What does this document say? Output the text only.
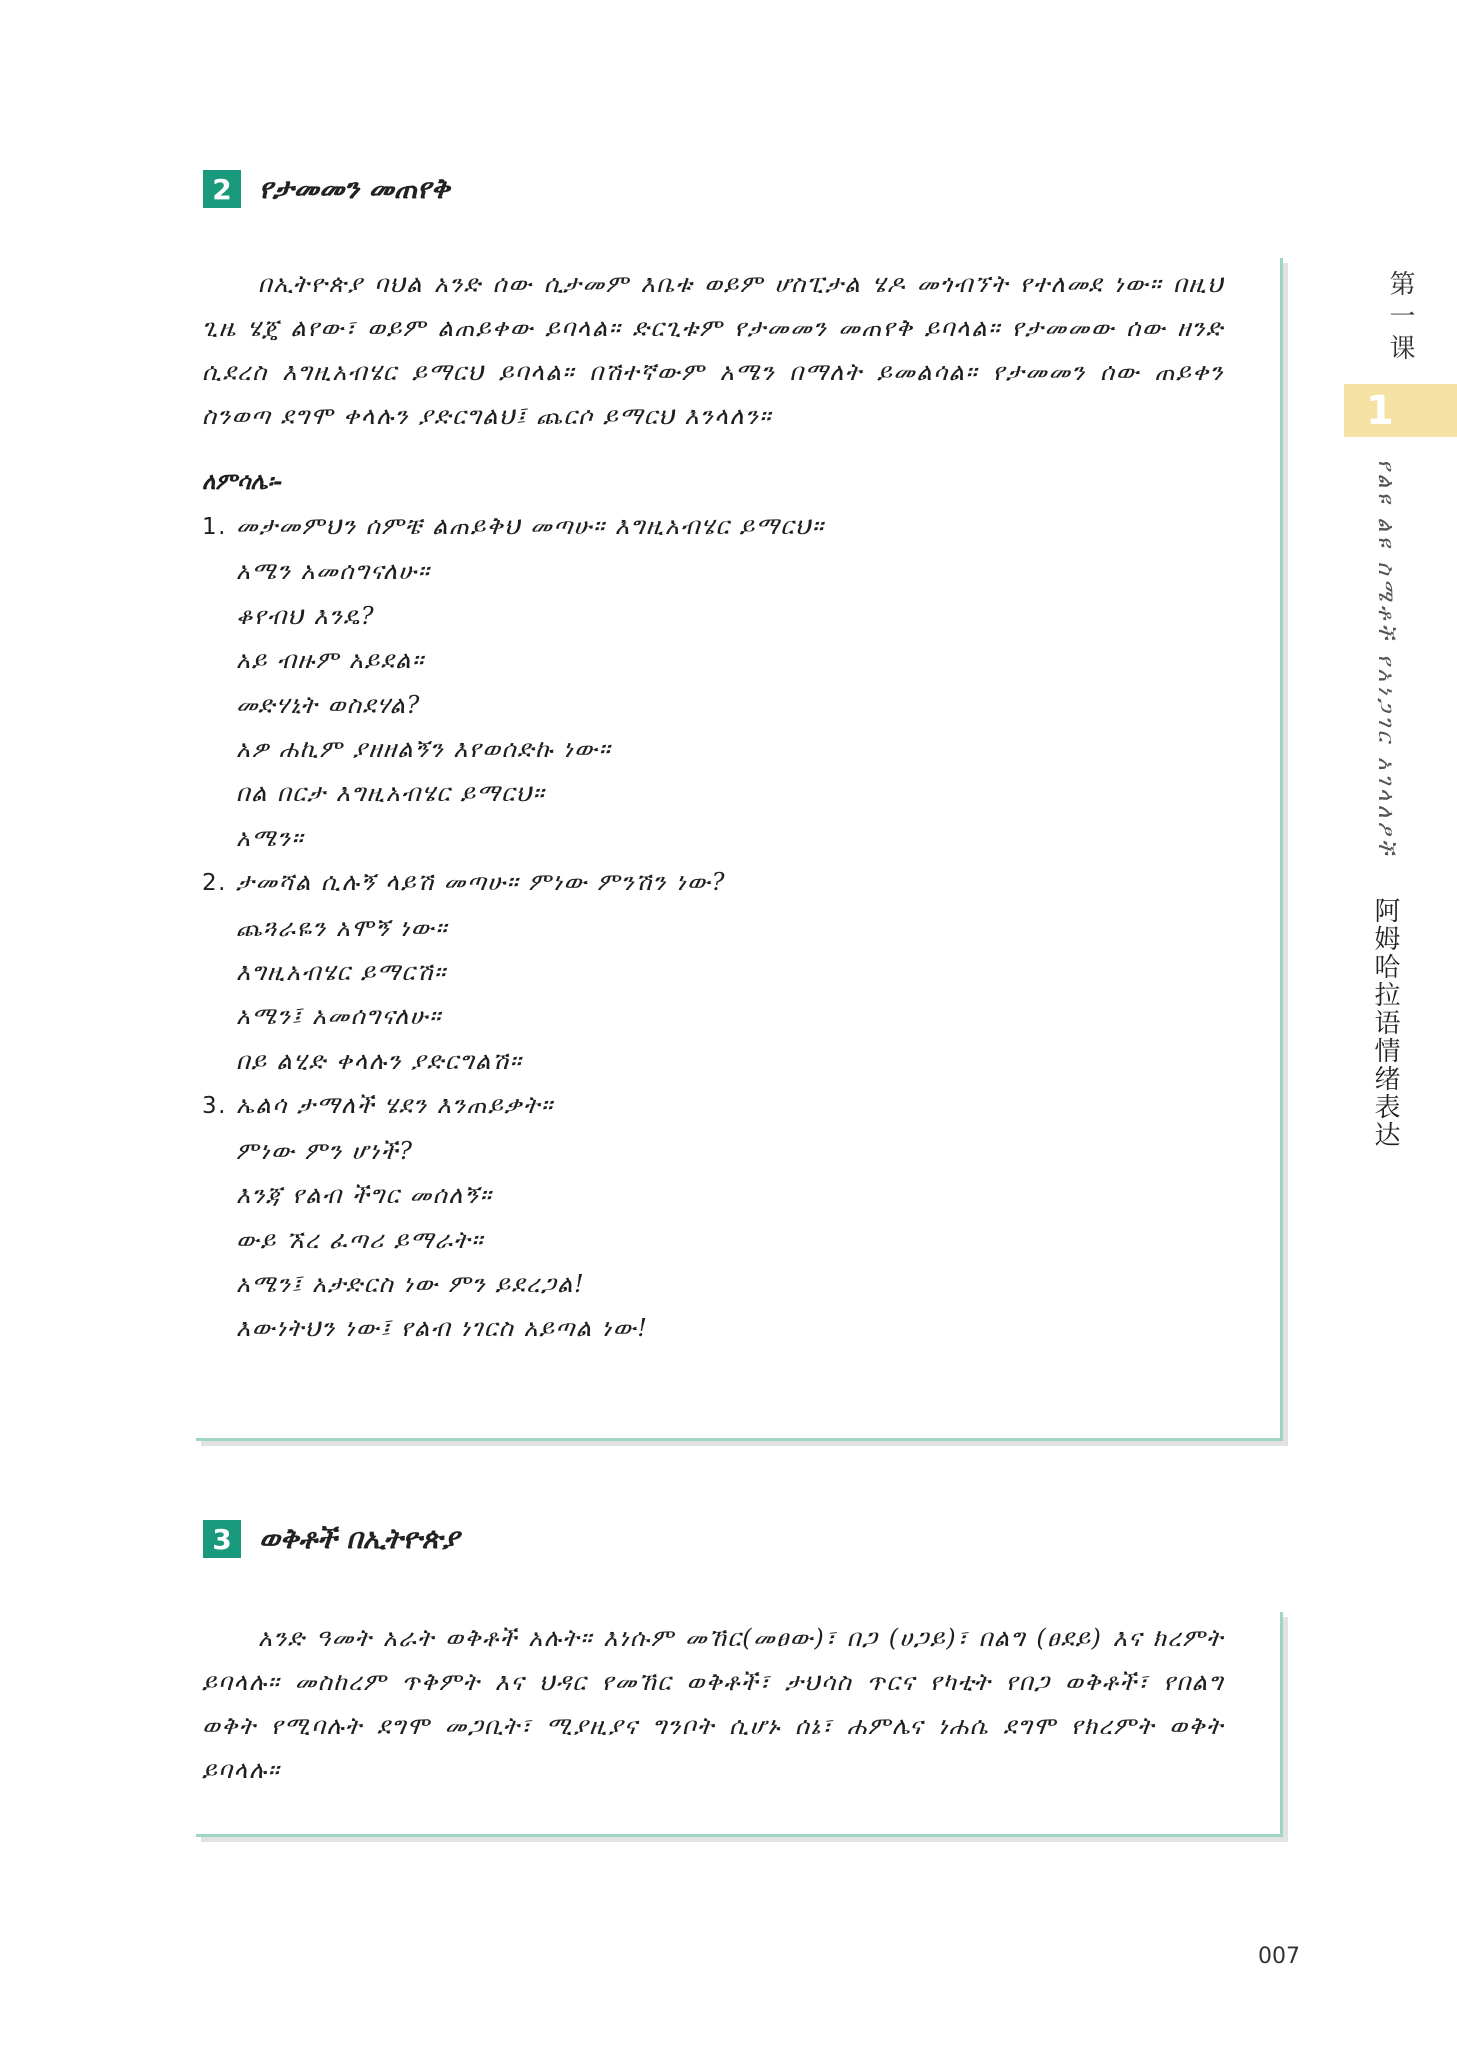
2 የታመመን መጠየቅ

በኢትዮጵያ ባህል አንድ ሰው ሲታመም እቤቱ ወይም ሆስፒታል ሄዶ መጎብኘት የተለመደ ነው። በዚህ ጊዜ ሄጄ ልየው፣ ወይም ልጠይቀው ይባላል። ድርጊቱም የታመመን መጠየቅ ይባላል። የታመመው ሰው ዘንድ ሲደረስ እግዚአብሄር ይማርህ ይባላል። በሽተኛውም አሜን በማለት ይመልሳል። የታመመን ሰው ጠይቀን ስንወጣ ደግሞ ቀላሉን ያድርግልህ፤ ጨርሶ ይማርህ እንላለን።

ለምሳሌ፡-

1. መታመምህን ሰምቼ ልጠይቅህ መጣሁ። እግዚአብሄር ይማርህ።

አሜን አመሰግናለሁ።

ቆየብህ እንዴ?

አይ ብዙም አይደል።

መድሃኒት ወስደሃል?

አዎ ሐኪም ያዘዘልኝን እየወሰድኩ ነው።

በል በርታ እግዚአብሄር ይማርህ።

አሜን።

2. ታመሻል ሲሉኝ ላይሽ መጣሁ። ምነው ምንሽን ነው?

ጨጓራዬን አሞኝ ነው።

እግዚአብሄር ይማርሽ።

አሜን፤ አመሰግናለሁ።

በይ ልሂድ ቀላሉን ያድርግልሽ።

3. ኤልሳ ታማለች ሄደን እንጠይቃት።

ምነው ምን ሆነች?

እንጃ የልብ ችግር መሰለኝ።

ውይ ኧረ ፈጣሪ ይማራት።

አሜን፤ አታድርስ ነው ምን ይደረጋል!

እውነትህን ነው፤ የልብ ነገርስ አይጣል ነው!

3 ወቅቶች በኢትዮጵያ

አንድ ዓመት አራት ወቅቶች አሉት። እነሱም መኸር(መፀው)፣ በጋ (ሀጋይ)፣ በልግ (ፀደይ) እና ክረምት ይባላሉ። መስከረም ጥቅምት እና ህዳር የመኸር ወቅቶች፣ ታህሳስ ጥርና የካቲት የበጋ ወቅቶች፣ የበልግ ወቅት የሚባሉት ደግሞ መጋቢት፣ ሚያዚያና ግንቦት ሲሆኑ ሰኔ፣ ሐምሌና ነሐሴ ደግሞ የክረምት ወቅት ይባላሉ።

第一课
1
የልዩ ልዩ ስሜቶች የአነጋገር አገላለፆች
阿姆哈拉语情绪表达
007
